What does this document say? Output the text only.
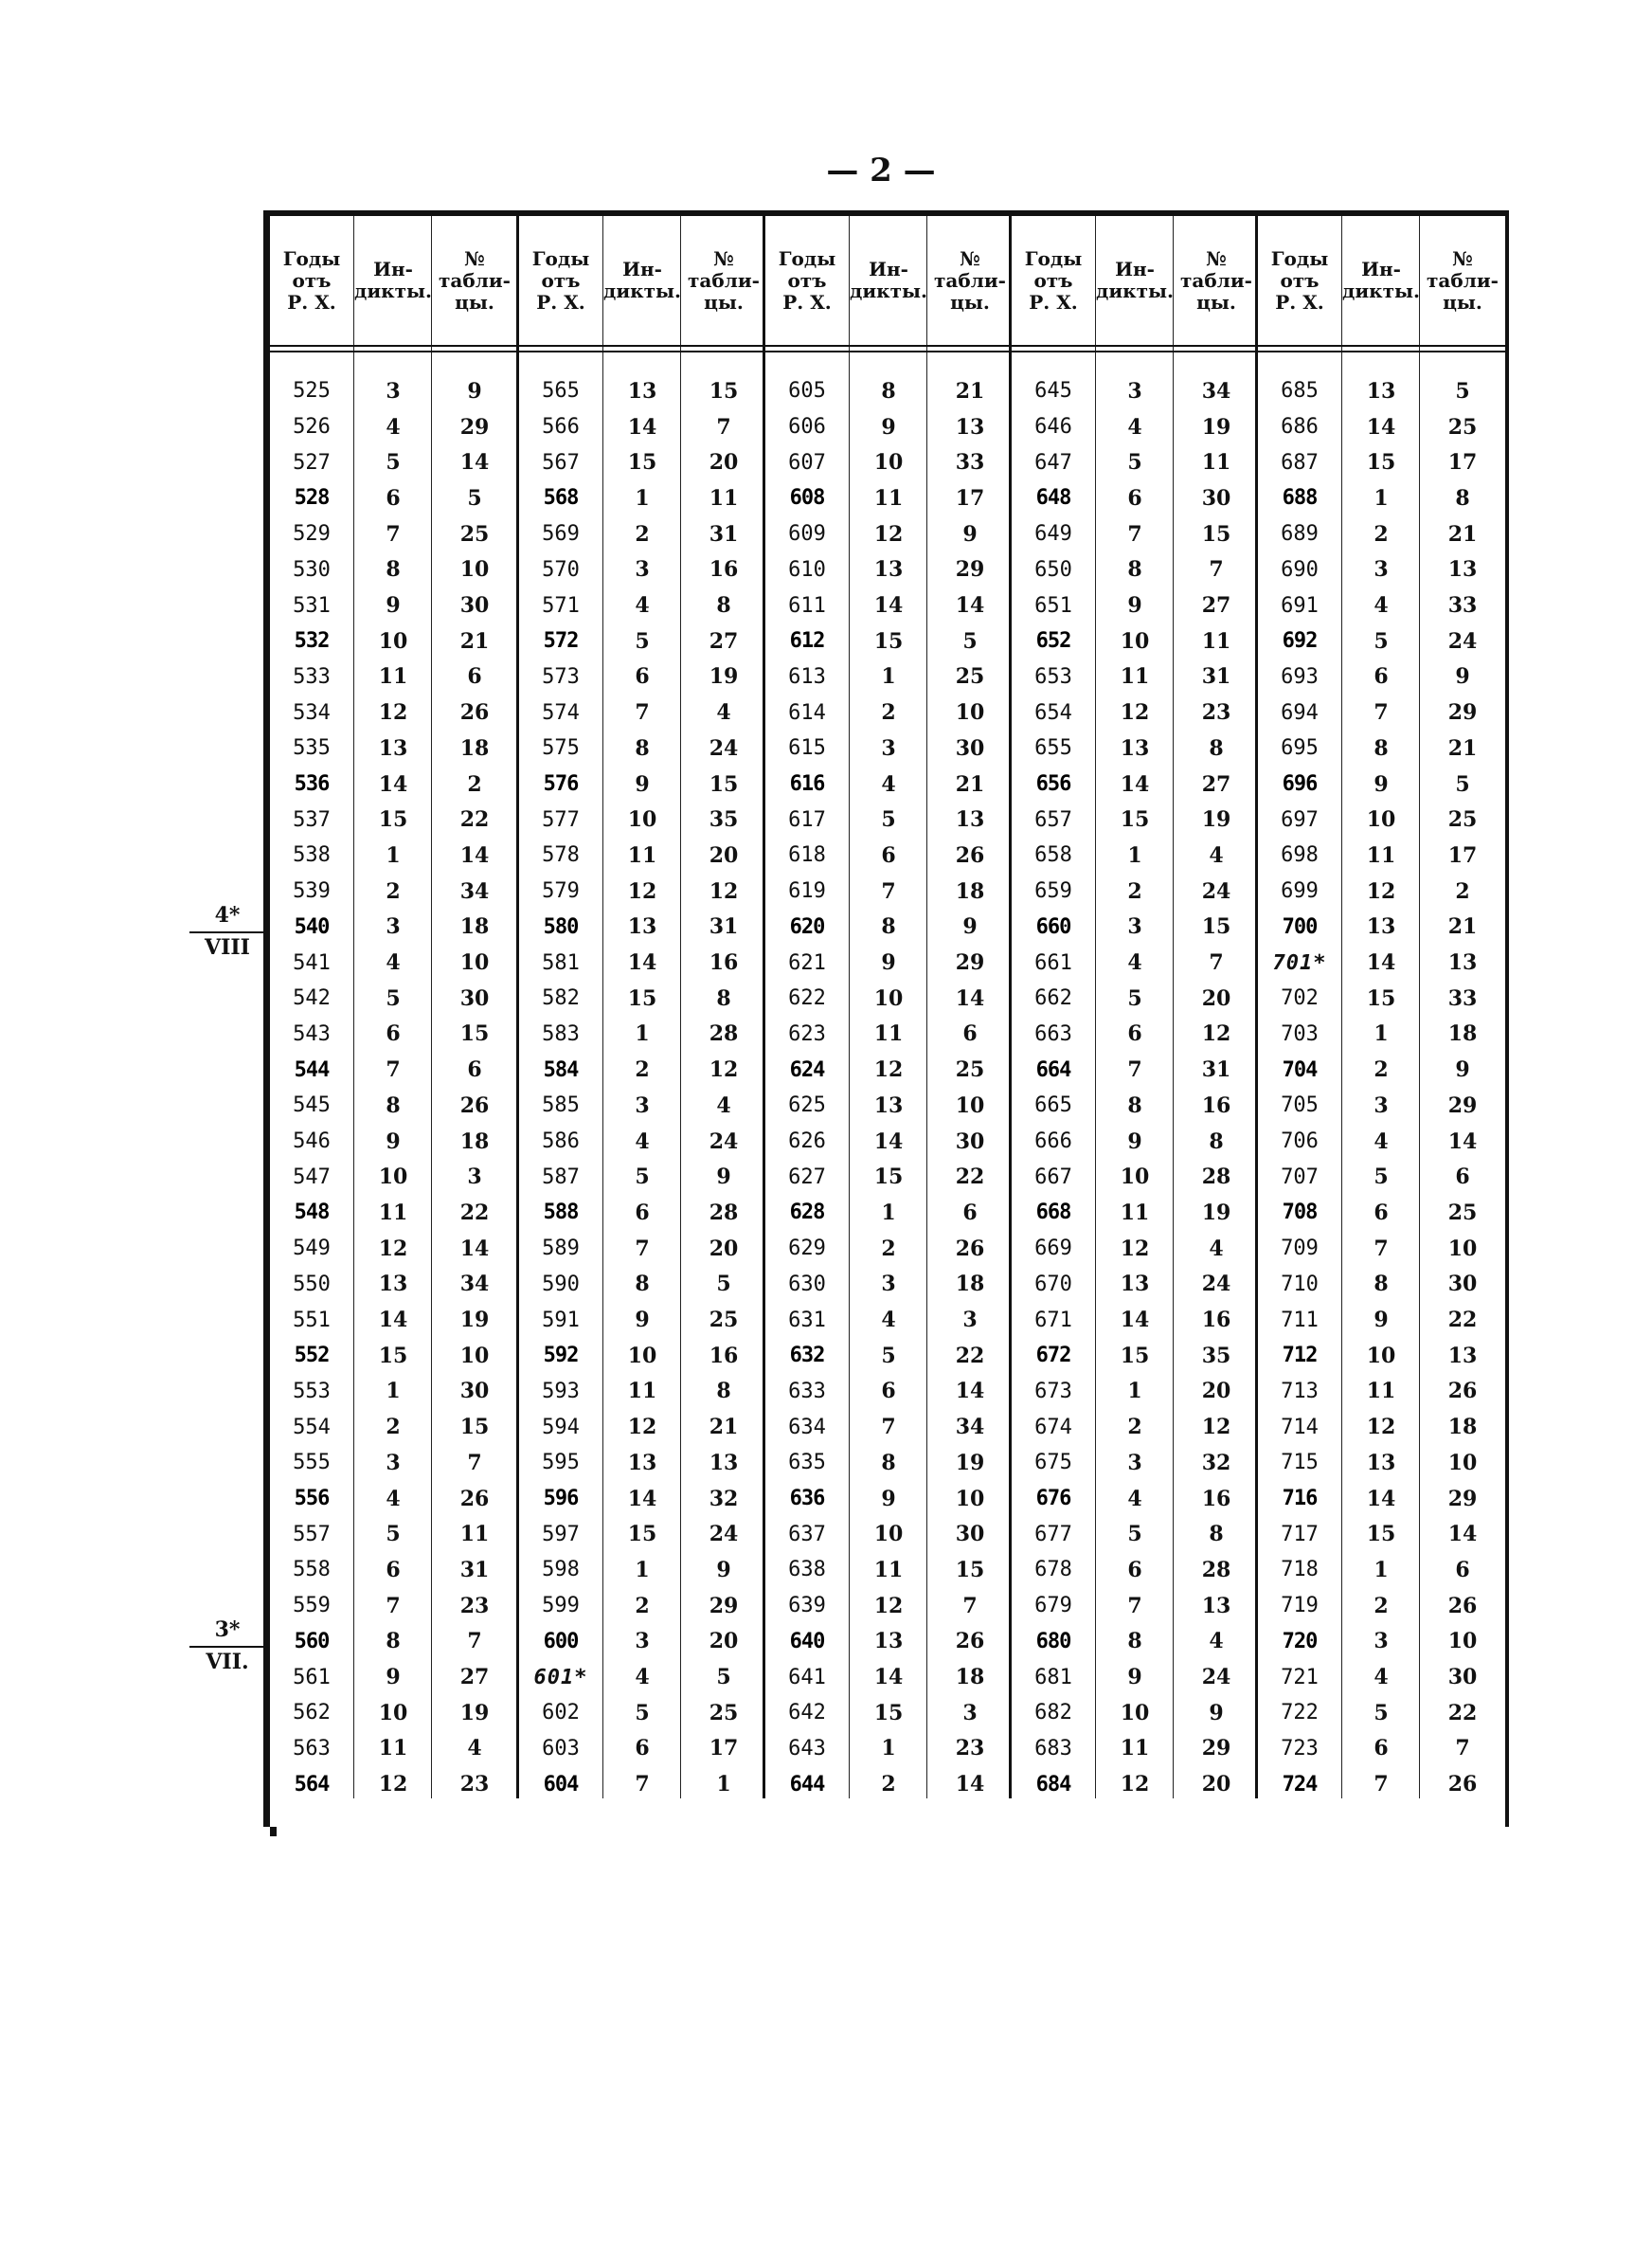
— 2 —
Годы
отъ
Р. Х.
525
526
527
528
529
530
531
532
533
534
535
536
537
538
539
540
541
542
543
544
545
546
547
548
549
550
551
552
553
554
555
556
557
558
559
560
561
562
563
564
Ин-
дикты.
3
4
5
6
7
8
9
10
11
12
13
14
15
1
2
3
4
5
6
7
8
9
10
11
12
13
14
15
1
2
3
4
5
6
7
8
9
10
11
12
№
табли-
цы.
9
29
14
5
25
10
30
21
6
26
18
2
22
14
34
18
10
30
15
6
26
18
3
22
14
34
19
10
30
15
7
26
11
31
23
7
27
19
4
23
Годы
отъ
Р. Х.
565
566
567
568
569
570
571
572
573
574
575
576
577
578
579
580
581
582
583
584
585
586
587
588
589
590
591
592
593
594
595
596
597
598
599
600
601*
602
603
604
Ин-
дикты.
13
14
15
1
2
3
4
5
6
7
8
9
10
11
12
13
14
15
1
2
3
4
5
6
7
8
9
10
11
12
13
14
15
1
2
3
4
5
6
7
№
табли-
цы.
15
7
20
11
31
16
8
27
19
4
24
15
35
20
12
31
16
8
28
12
4
24
9
28
20
5
25
16
8
21
13
32
24
9
29
20
5
25
17
1
Годы
отъ
Р. Х.
605
606
607
608
609
610
611
612
613
614
615
616
617
618
619
620
621
622
623
624
625
626
627
628
629
630
631
632
633
634
635
636
637
638
639
640
641
642
643
644
Ин-
дикты.
8
9
10
11
12
13
14
15
1
2
3
4
5
6
7
8
9
10
11
12
13
14
15
1
2
3
4
5
6
7
8
9
10
11
12
13
14
15
1
2
№
табли-
цы.
21
13
33
17
9
29
14
5
25
10
30
21
13
26
18
9
29
14
6
25
10
30
22
6
26
18
3
22
14
34
19
10
30
15
7
26
18
3
23
14
Годы
отъ
Р. Х.
645
646
647
648
649
650
651
652
653
654
655
656
657
658
659
660
661
662
663
664
665
666
667
668
669
670
671
672
673
674
675
676
677
678
679
680
681
682
683
684
Ин-
дикты.
3
4
5
6
7
8
9
10
11
12
13
14
15
1
2
3
4
5
6
7
8
9
10
11
12
13
14
15
1
2
3
4
5
6
7
8
9
10
11
12
№
табли-
цы.
34
19
11
30
15
7
27
11
31
23
8
27
19
4
24
15
7
20
12
31
16
8
28
19
4
24
16
35
20
12
32
16
8
28
13
4
24
9
29
20
Годы
отъ
Р. Х.
685
686
687
688
689
690
691
692
693
694
695
696
697
698
699
700
701*
702
703
704
705
706
707
708
709
710
711
712
713
714
715
716
717
718
719
720
721
722
723
724
Ин-
дикты.
13
14
15
1
2
3
4
5
6
7
8
9
10
11
12
13
14
15
1
2
3
4
5
6
7
8
9
10
11
12
13
14
15
1
2
3
4
5
6
7
№
табли-
цы.
5
25
17
8
21
13
33
24
9
29
21
5
25
17
2
21
13
33
18
9
29
14
6
25
10
30
22
13
26
18
10
29
14
6
26
10
30
22
7
26
4*
VIII
3*
VII.
